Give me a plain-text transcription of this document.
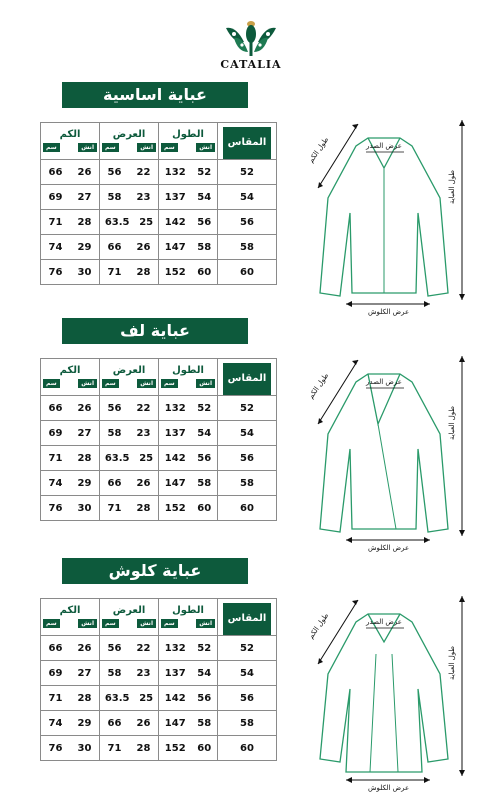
CATALIA
عباية اساسية
الكم
سم انش	العرض
سم انش	الطول
سم انش	المقاس

66 26	56 22	132 52	52

69 27	58 23	137 54	54

71 28	63.5 25	142 56	56

74 29	66 26	147 58	58

76 30	71 28	152 60	60
طول الكم	عرض الصدر
طول العباية
عرض الكلوش
عباية لف
الكم
سم انش	العرض
سم انش	الطول
سم انش	المقاس

66 26	56 22	132 52	52

69 27	58 23	137 54	54

71 28	63.5 25	142 56	56

74 29	66 26	147 58	58

76 30	71 28	152 60	60
طول الكم	عرض الصدر
طول العباية
عرض الكلوش
عباية كلوش
الكم
سم انش	العرض
سم انش	الطول
سم انش	المقاس

66 26	56 22	132 52	52

69 27	58 23	137 54	54

71 28	63.5 25	142 56	56

74 29	66 26	147 58	58

76 30	71 28	152 60	60
طول الكم	عرض الصدر
طول العباية
عرض الكلوش
